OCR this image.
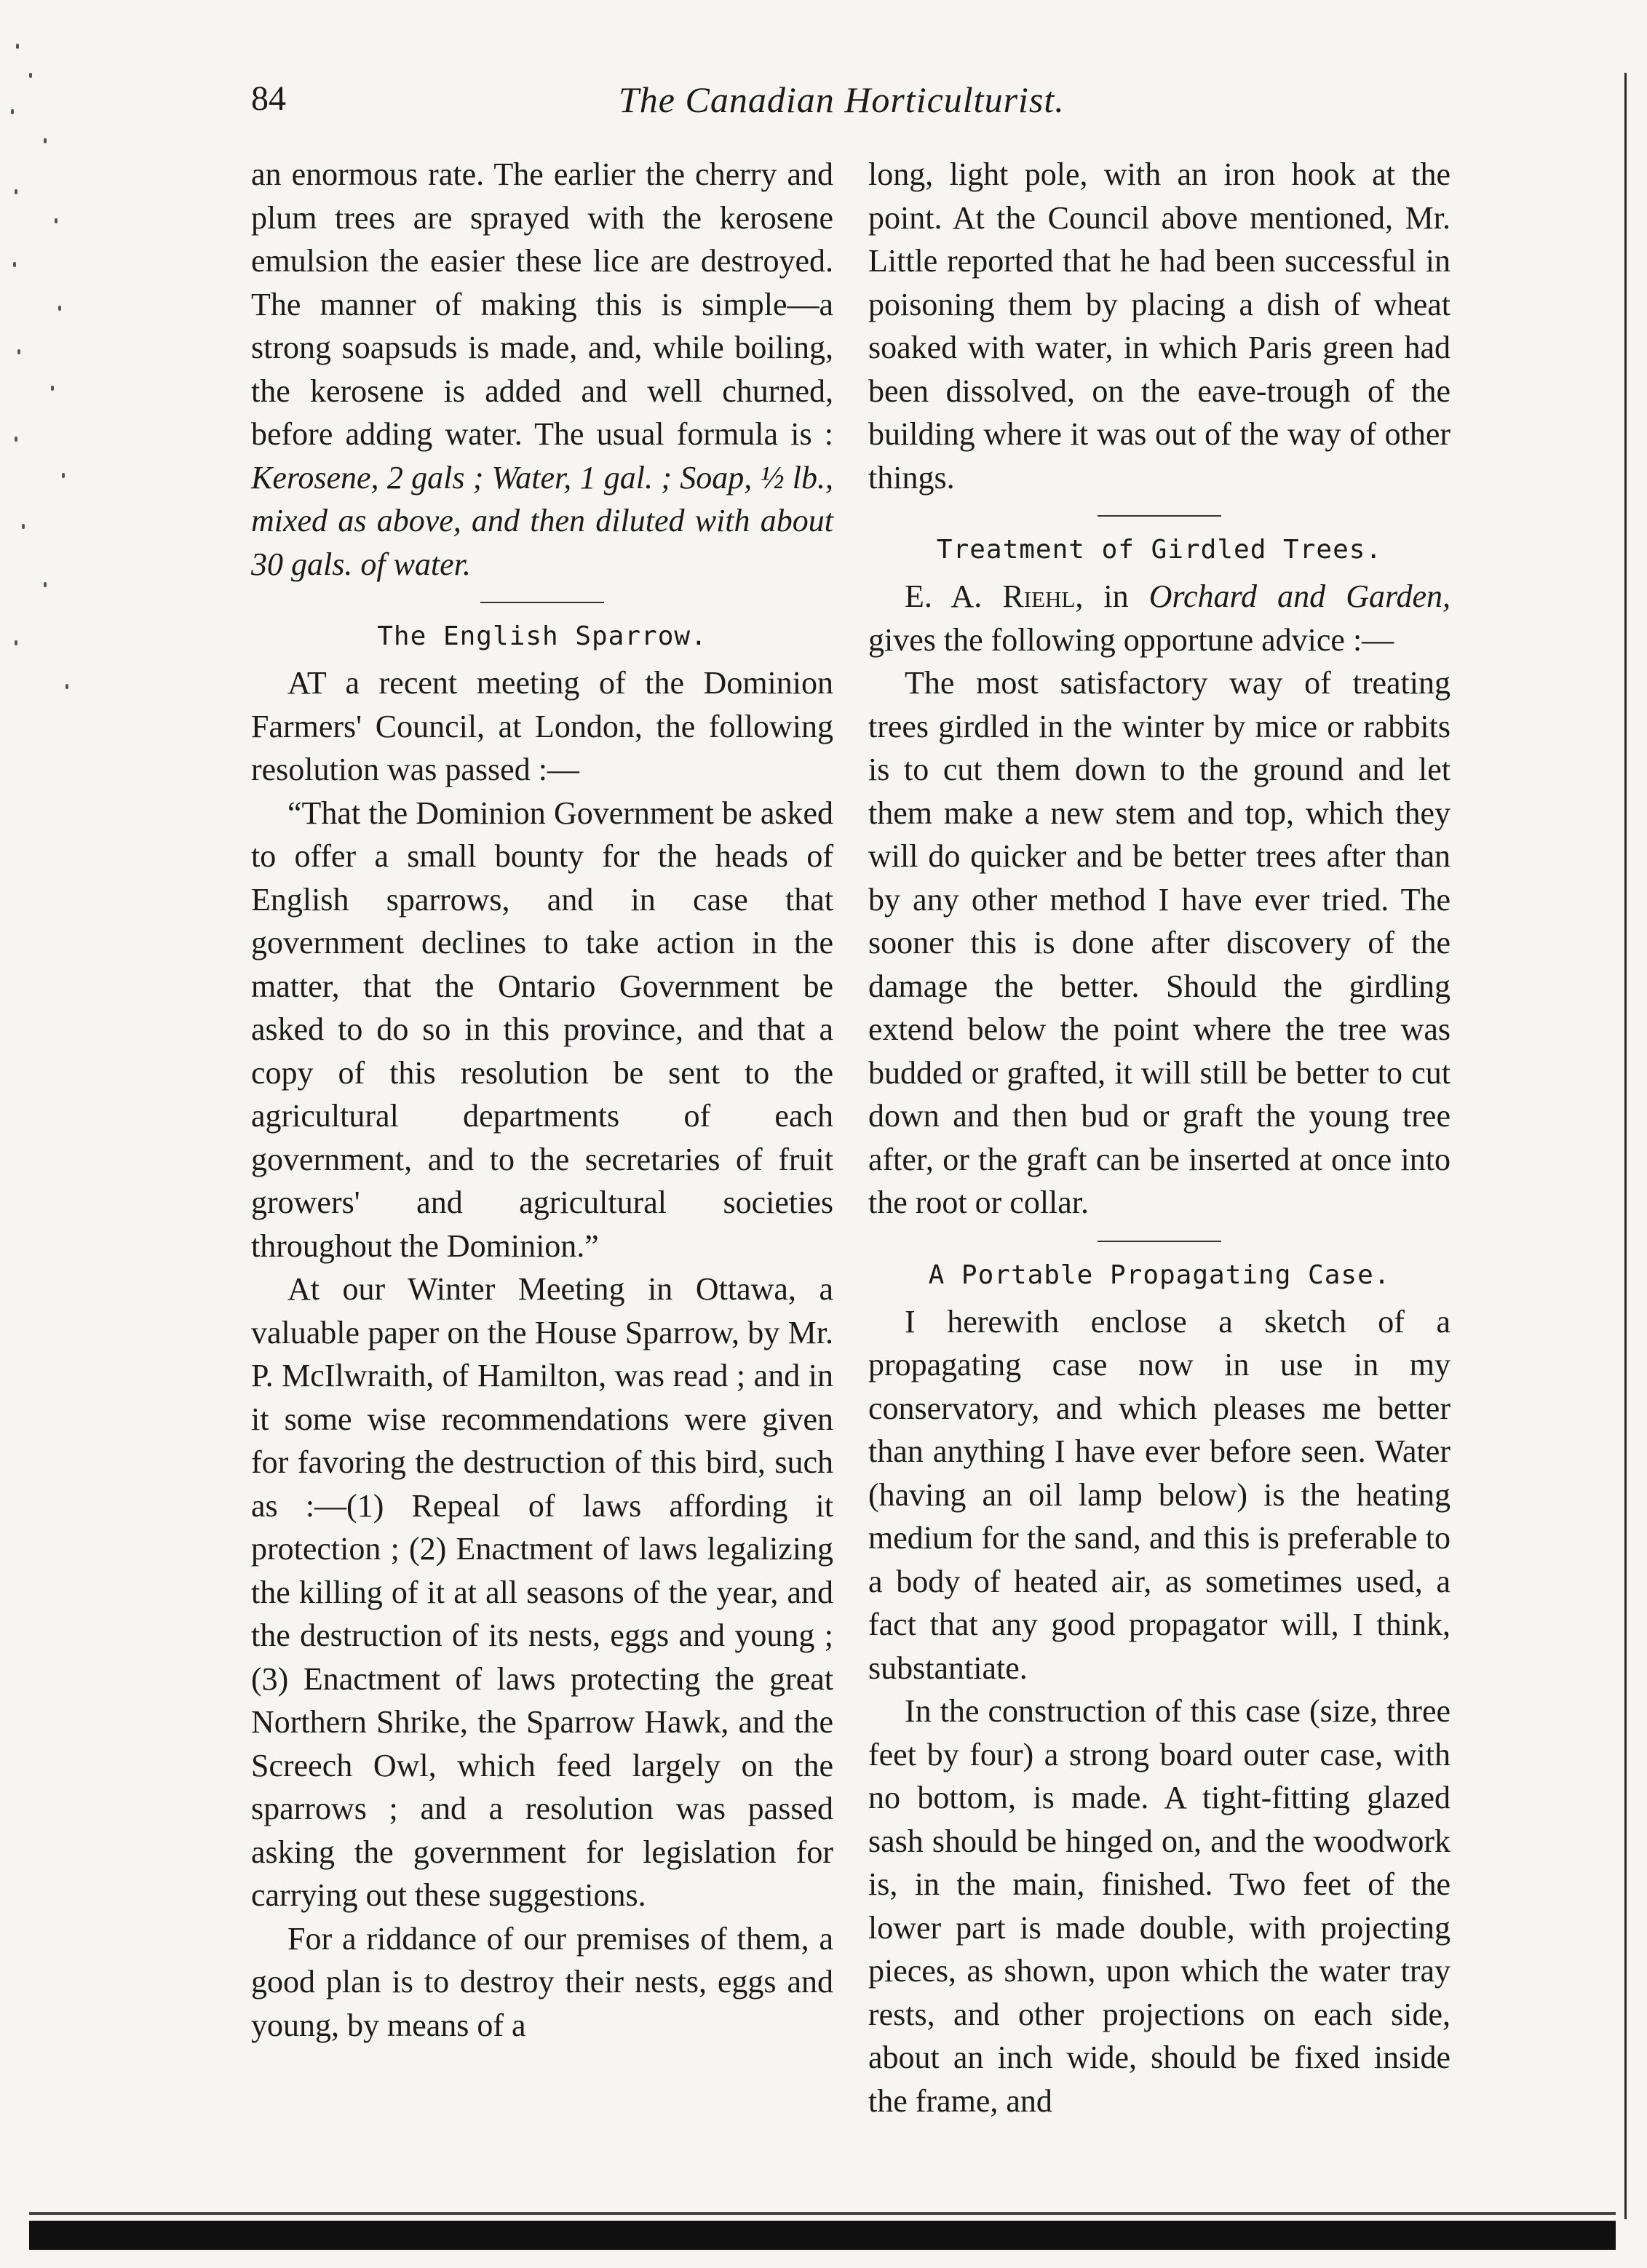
84	The Canadian Horticulturist.

an enormous rate. The earlier the cherry and plum trees are sprayed with the kerosene emulsion the easier these lice are destroyed. The manner of making this is simple—a strong soapsuds is made, and, while boiling, the kerosene is added and well churned, before adding water. The usual formula is : Kerosene, 2 gals ; Water, 1 gal. ; Soap, ½ lb., mixed as above, and then diluted with about 30 gals. of water.

The English Sparrow.

AT a recent meeting of the Dominion Farmers' Council, at London, the following resolution was passed :—

“That the Dominion Government be asked to offer a small bounty for the heads of English sparrows, and in case that government declines to take action in the matter, that the Ontario Government be asked to do so in this province, and that a copy of this resolution be sent to the agricultural departments of each government, and to the secretaries of fruit growers' and agricultural societies throughout the Dominion.”

At our Winter Meeting in Ottawa, a valuable paper on the House Sparrow, by Mr. P. McIlwraith, of Hamilton, was read ; and in it some wise recommendations were given for favoring the destruction of this bird, such as :—(1) Repeal of laws affording it protection ; (2) Enactment of laws legalizing the killing of it at all seasons of the year, and the destruction of its nests, eggs and young ; (3) Enactment of laws protecting the great Northern Shrike, the Sparrow Hawk, and the Screech Owl, which feed largely on the sparrows ; and a resolution was passed asking the government for legislation for carrying out these suggestions.

For a riddance of our premises of them, a good plan is to destroy their nests, eggs and young, by means of a

long, light pole, with an iron hook at the point. At the Council above mentioned, Mr. Little reported that he had been successful in poisoning them by placing a dish of wheat soaked with water, in which Paris green had been dissolved, on the eave-trough of the building where it was out of the way of other things.

Treatment of Girdled Trees.

E. A. Riehl, in Orchard and Garden, gives the following opportune advice :—

The most satisfactory way of treating trees girdled in the winter by mice or rabbits is to cut them down to the ground and let them make a new stem and top, which they will do quicker and be better trees after than by any other method I have ever tried. The sooner this is done after discovery of the damage the better. Should the girdling extend below the point where the tree was budded or grafted, it will still be better to cut down and then bud or graft the young tree after, or the graft can be inserted at once into the root or collar.

A Portable Propagating Case.

I herewith enclose a sketch of a propagating case now in use in my conservatory, and which pleases me better than anything I have ever before seen. Water (having an oil lamp below) is the heating medium for the sand, and this is preferable to a body of heated air, as sometimes used, a fact that any good propagator will, I think, substantiate.

In the construction of this case (size, three feet by four) a strong board outer case, with no bottom, is made. A tight-fitting glazed sash should be hinged on, and the woodwork is, in the main, finished. Two feet of the lower part is made double, with projecting pieces, as shown, upon which the water tray rests, and other projections on each side, about an inch wide, should be fixed inside the frame, and
